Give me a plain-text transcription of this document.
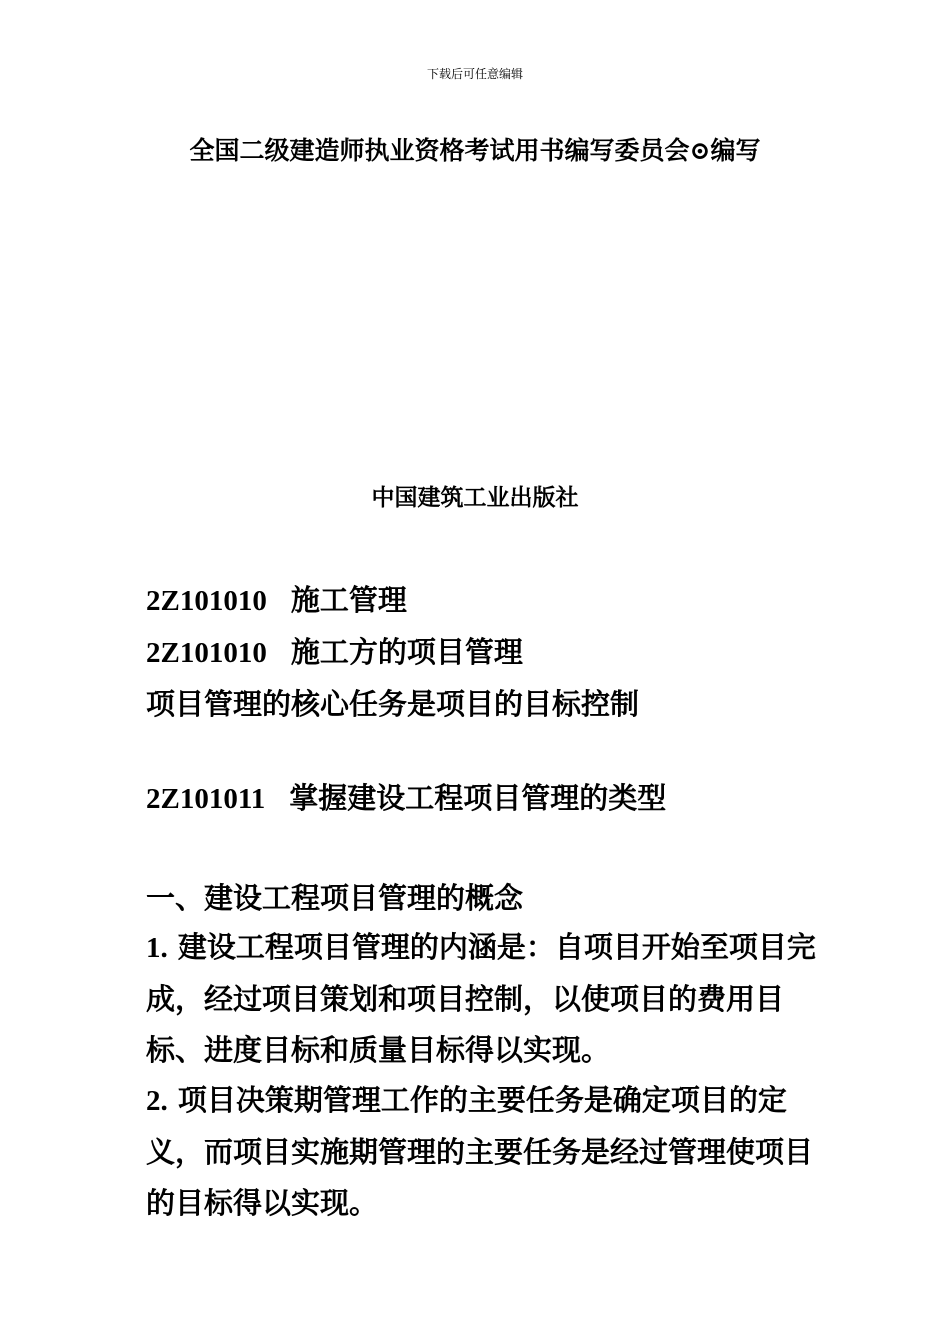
下载后可任意编辑
全国二级建造师执业资格考试用书编写委员会⊙编写
中国建筑工业出版社
2Z101010 施工管理
2Z101010 施工方的项目管理
项目管理的核心任务是项目的目标控制
2Z101011 掌握建设工程项目管理的类型
一、建设工程项目管理的概念
1. 建设工程项目管理的内涵是：自项目开始至项目完成，经过项目策划和项目控制，以使项目的费用目标、进度目标和质量目标得以实现。
2. 项目决策期管理工作的主要任务是确定项目的定义，而项目实施期管理的主要任务是经过管理使项目的目标得以实现。
